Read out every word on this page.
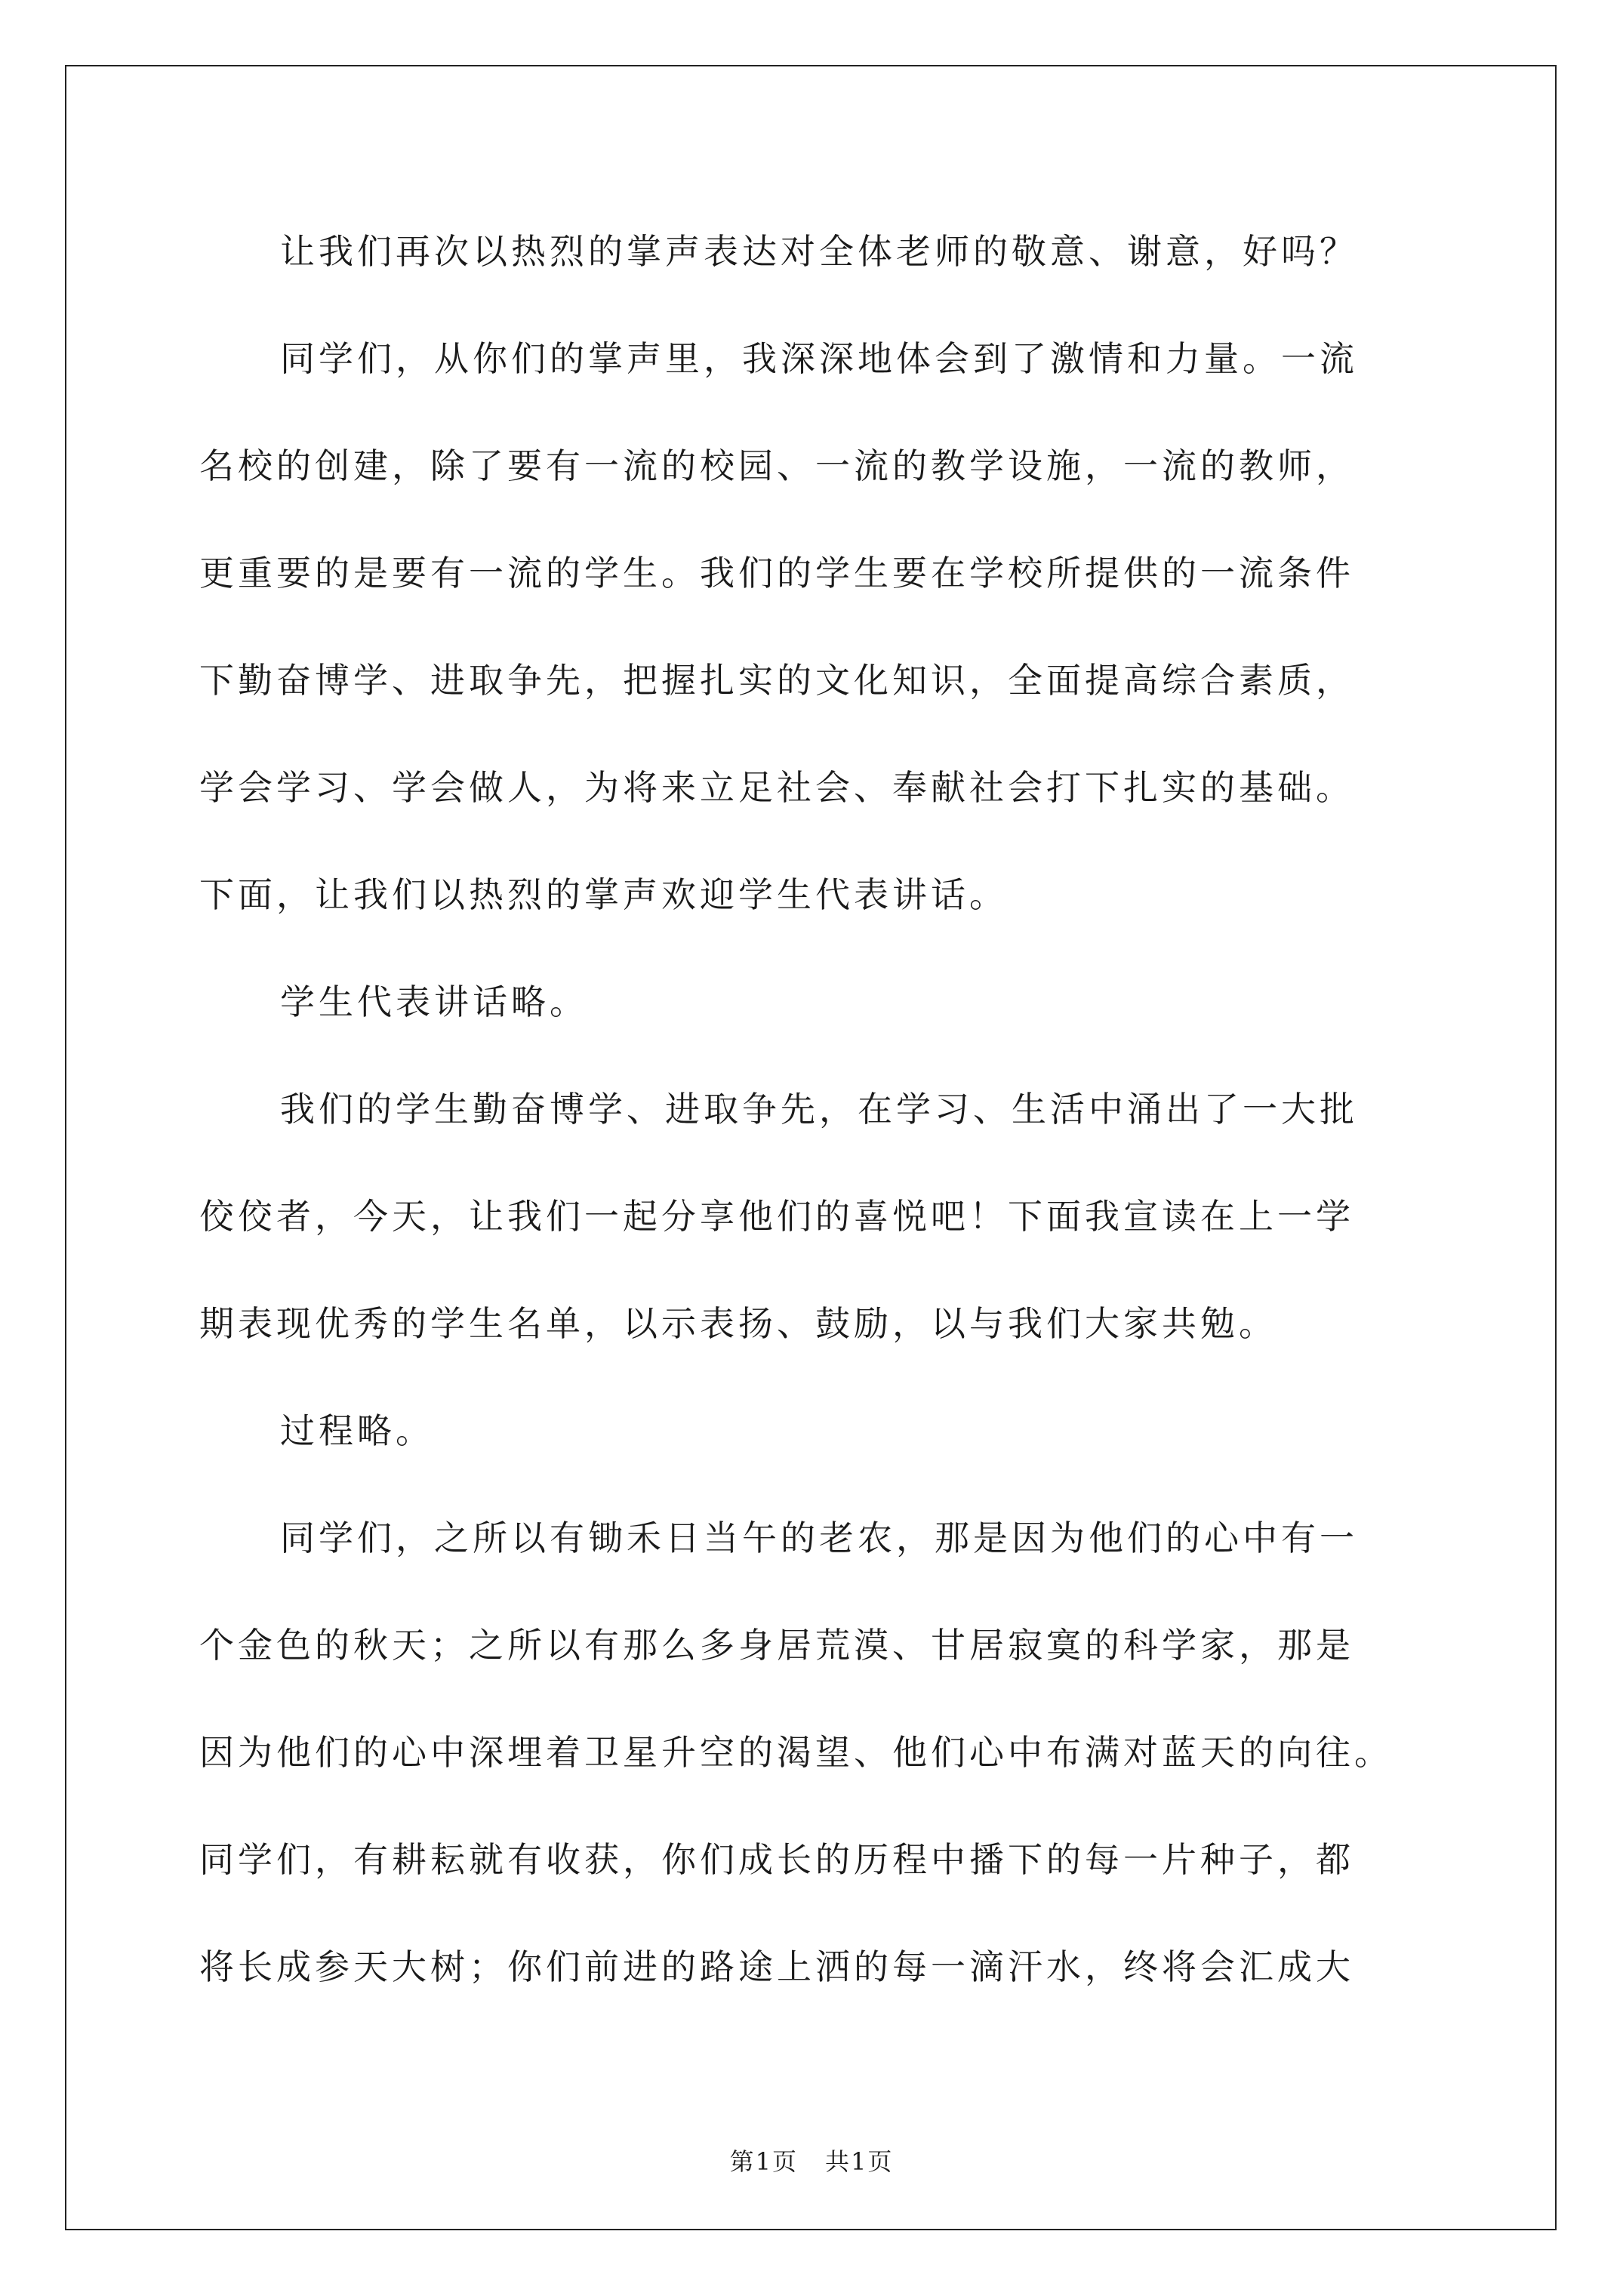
让我们再次以热烈的掌声表达对全体老师的敬意、谢意，好吗？
同学们，从你们的掌声里，我深深地体会到了激情和力量。一流
名校的创建，除了要有一流的校园、一流的教学设施，一流的教师，
更重要的是要有一流的学生。我们的学生要在学校所提供的一流条件
下勤奋博学、进取争先，把握扎实的文化知识，全面提高综合素质，
学会学习、学会做人，为将来立足社会、奉献社会打下扎实的基础。
下面，让我们以热烈的掌声欢迎学生代表讲话。
学生代表讲话略。
我们的学生勤奋博学、进取争先，在学习、生活中涌出了一大批
佼佼者，今天，让我们一起分享他们的喜悦吧！下面我宣读在上一学
期表现优秀的学生名单，以示表扬、鼓励，以与我们大家共勉。
过程略。
同学们，之所以有锄禾日当午的老农，那是因为他们的心中有一
个金色的秋天；之所以有那么多身居荒漠、甘居寂寞的科学家，那是
因为他们的心中深埋着卫星升空的渴望、他们心中布满对蓝天的向往。
同学们，有耕耘就有收获，你们成长的历程中播下的每一片种子，都
将长成参天大树；你们前进的路途上洒的每一滴汗水，终将会汇成大
第1页 共1页
